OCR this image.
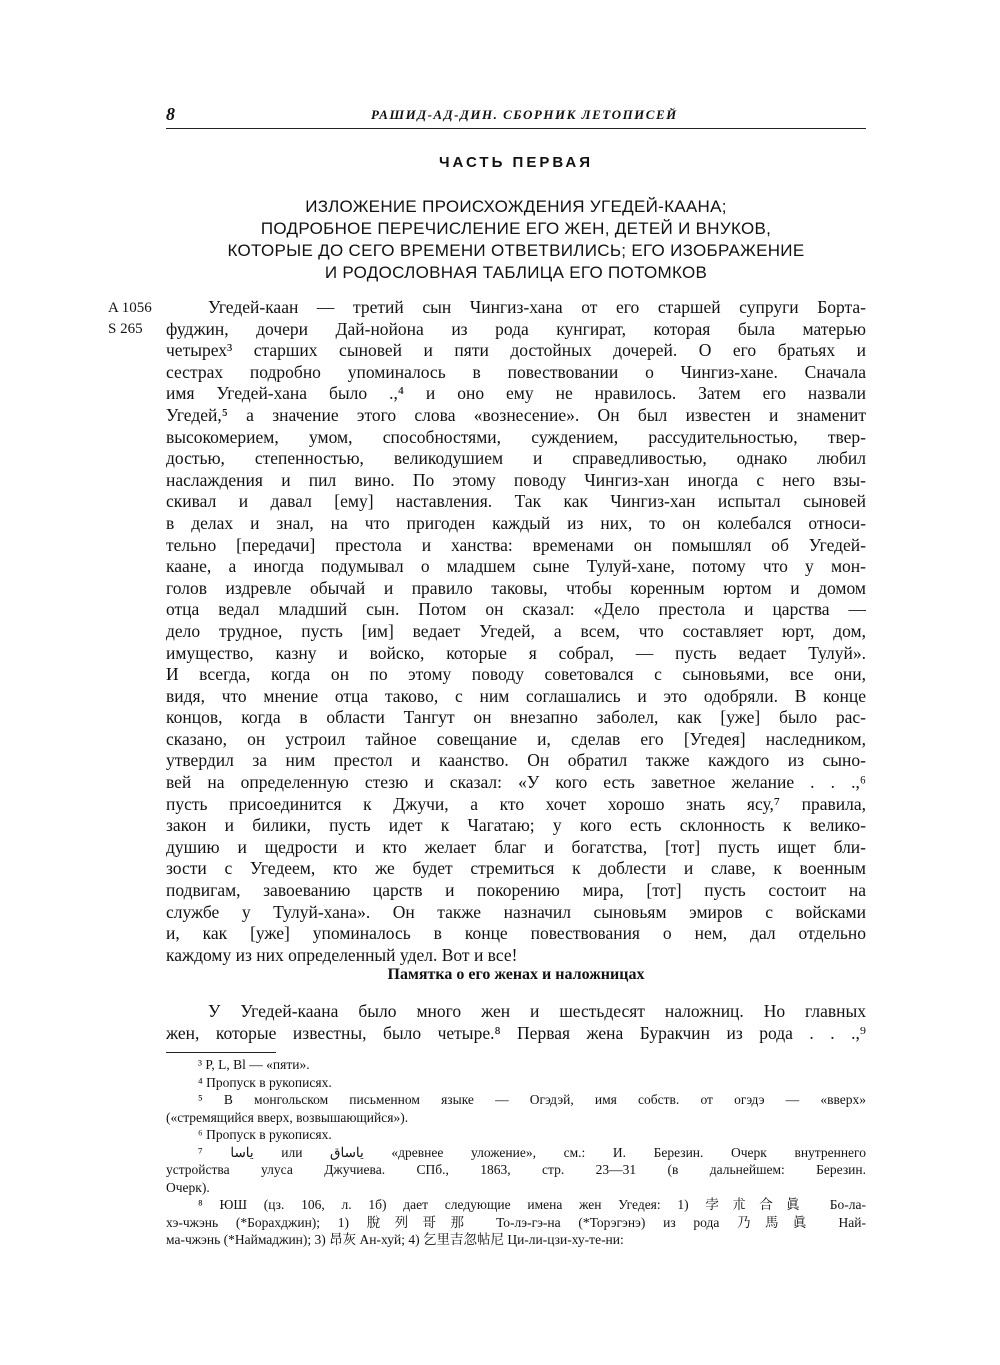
8	РАШИД-АД-ДИН. СБОРНИК ЛЕТОПИСЕЙ
ЧАСТЬ ПЕРВАЯ
ИЗЛОЖЕНИЕ ПРОИСХОЖДЕНИЯ УГЕДЕЙ-КААНА;
ПОДРОБНОЕ ПЕРЕЧИСЛЕНИЕ ЕГО ЖЕН, ДЕТЕЙ И ВНУКОВ,
КОТОРЫЕ ДО СЕГО ВРЕМЕНИ ОТВЕТВИЛИСЬ; ЕГО ИЗОБРАЖЕНИЕ
И РОДОСЛОВНАЯ ТАБЛИЦА ЕГО ПОТОМКОВ
A 1056
S 265
Угедей-каан — третий сын Чингиз-хана от его старшей супруги Борта-
фуджин, дочери Дай-нойона из рода кунгират, которая была матерью
четырех³ старших сыновей и пяти достойных дочерей. О его братьях и
сестрах подробно упоминалось в повествовании о Чингиз-хане. Сначала
имя Угедей-хана было .,⁴ и оно ему не нравилось. Затем его назвали
Угедей,⁵ а значение этого слова «вознесение». Он был известен и знаменит
высокомерием, умом, способностями, суждением, рассудительностью, твер-
достью, степенностью, великодушием и справедливостью, однако любил
наслаждения и пил вино. По этому поводу Чингиз-хан иногда с него взы-
скивал и давал [ему] наставления. Так как Чингиз-хан испытал сыновей
в делах и знал, на что пригоден каждый из них, то он колебался относи-
тельно [передачи] престола и ханства: временами он помышлял об Угедей-
каане, а иногда подумывал о младшем сыне Тулуй-хане, потому что у мон-
голов издревле обычай и правило таковы, чтобы коренным юртом и домом
отца ведал младший сын. Потом он сказал: «Дело престола и царства —
дело трудное, пусть [им] ведает Угедей, а всем, что составляет юрт, дом,
имущество, казну и войско, которые я собрал, — пусть ведает Тулуй».
И всегда, когда он по этому поводу советовался с сыновьями, все они,
видя, что мнение отца таково, с ним соглашались и это одобряли. В конце
концов, когда в области Тангут он внезапно заболел, как [уже] было рас-
сказано, он устроил тайное совещание и, сделав его [Угедея] наследником,
утвердил за ним престол и каанство. Он обратил также каждого из сыно-
вей на определенную стезю и сказал: «У кого есть заветное желание . . .,⁶
пусть присоединится к Джучи, а кто хочет хорошо знать ясу,⁷ правила,
закон и билики, пусть идет к Чагатаю; у кого есть склонность к велико-
душию и щедрости и кто желает благ и богатства, [тот] пусть ищет бли-
зости с Угедеем, кто же будет стремиться к доблести и славе, к военным
подвигам, завоеванию царств и покорению мира, [тот] пусть состоит на
службе у Тулуй-хана». Он также назначил сыновьям эмиров с войсками
и, как [уже] упоминалось в конце повествования о нем, дал отдельно
каждому из них определенный удел. Вот и все!
Памятка о его женах и наложницах
У Угедей-каана было много жен и шестьдесят наложниц. Но главных
жен, которые известны, было четыре.⁸ Первая жена Буракчин из рода . . .,⁹
³ P, L, Bl — «пяти».
⁴ Пропуск в рукописях.
⁵ В монгольском письменном языке — Огэдэй, имя собств. от огэдэ — «вверх»
(«стремящийся вверх, возвышающийся»).
⁶ Пропуск в рукописях.
⁷ یاسا или یاساق «древнее уложение», см.: И. Березин. Очерк внутреннего
устройства улуса Джучиева. СПб., 1863, стр. 23—31 (в дальнейшем: Березин.
Очерк).
⁸ ЮШ (цз. 106, л. 1б) дает следующие имена жен Угедея: 1) 孛朮合眞 Бо-ла-
хэ-чжэнь (*Борахджин); 1) 脫列哥那 То-лэ-гэ-на (*Торэгэнэ) из рода 乃馬眞 Най-
ма-чжэнь (*Наймаджин); 3) 昂灰 Ан-хуй; 4) 乞里吉忽帖尼 Ци-ли-цзи-ху-те-ни:
